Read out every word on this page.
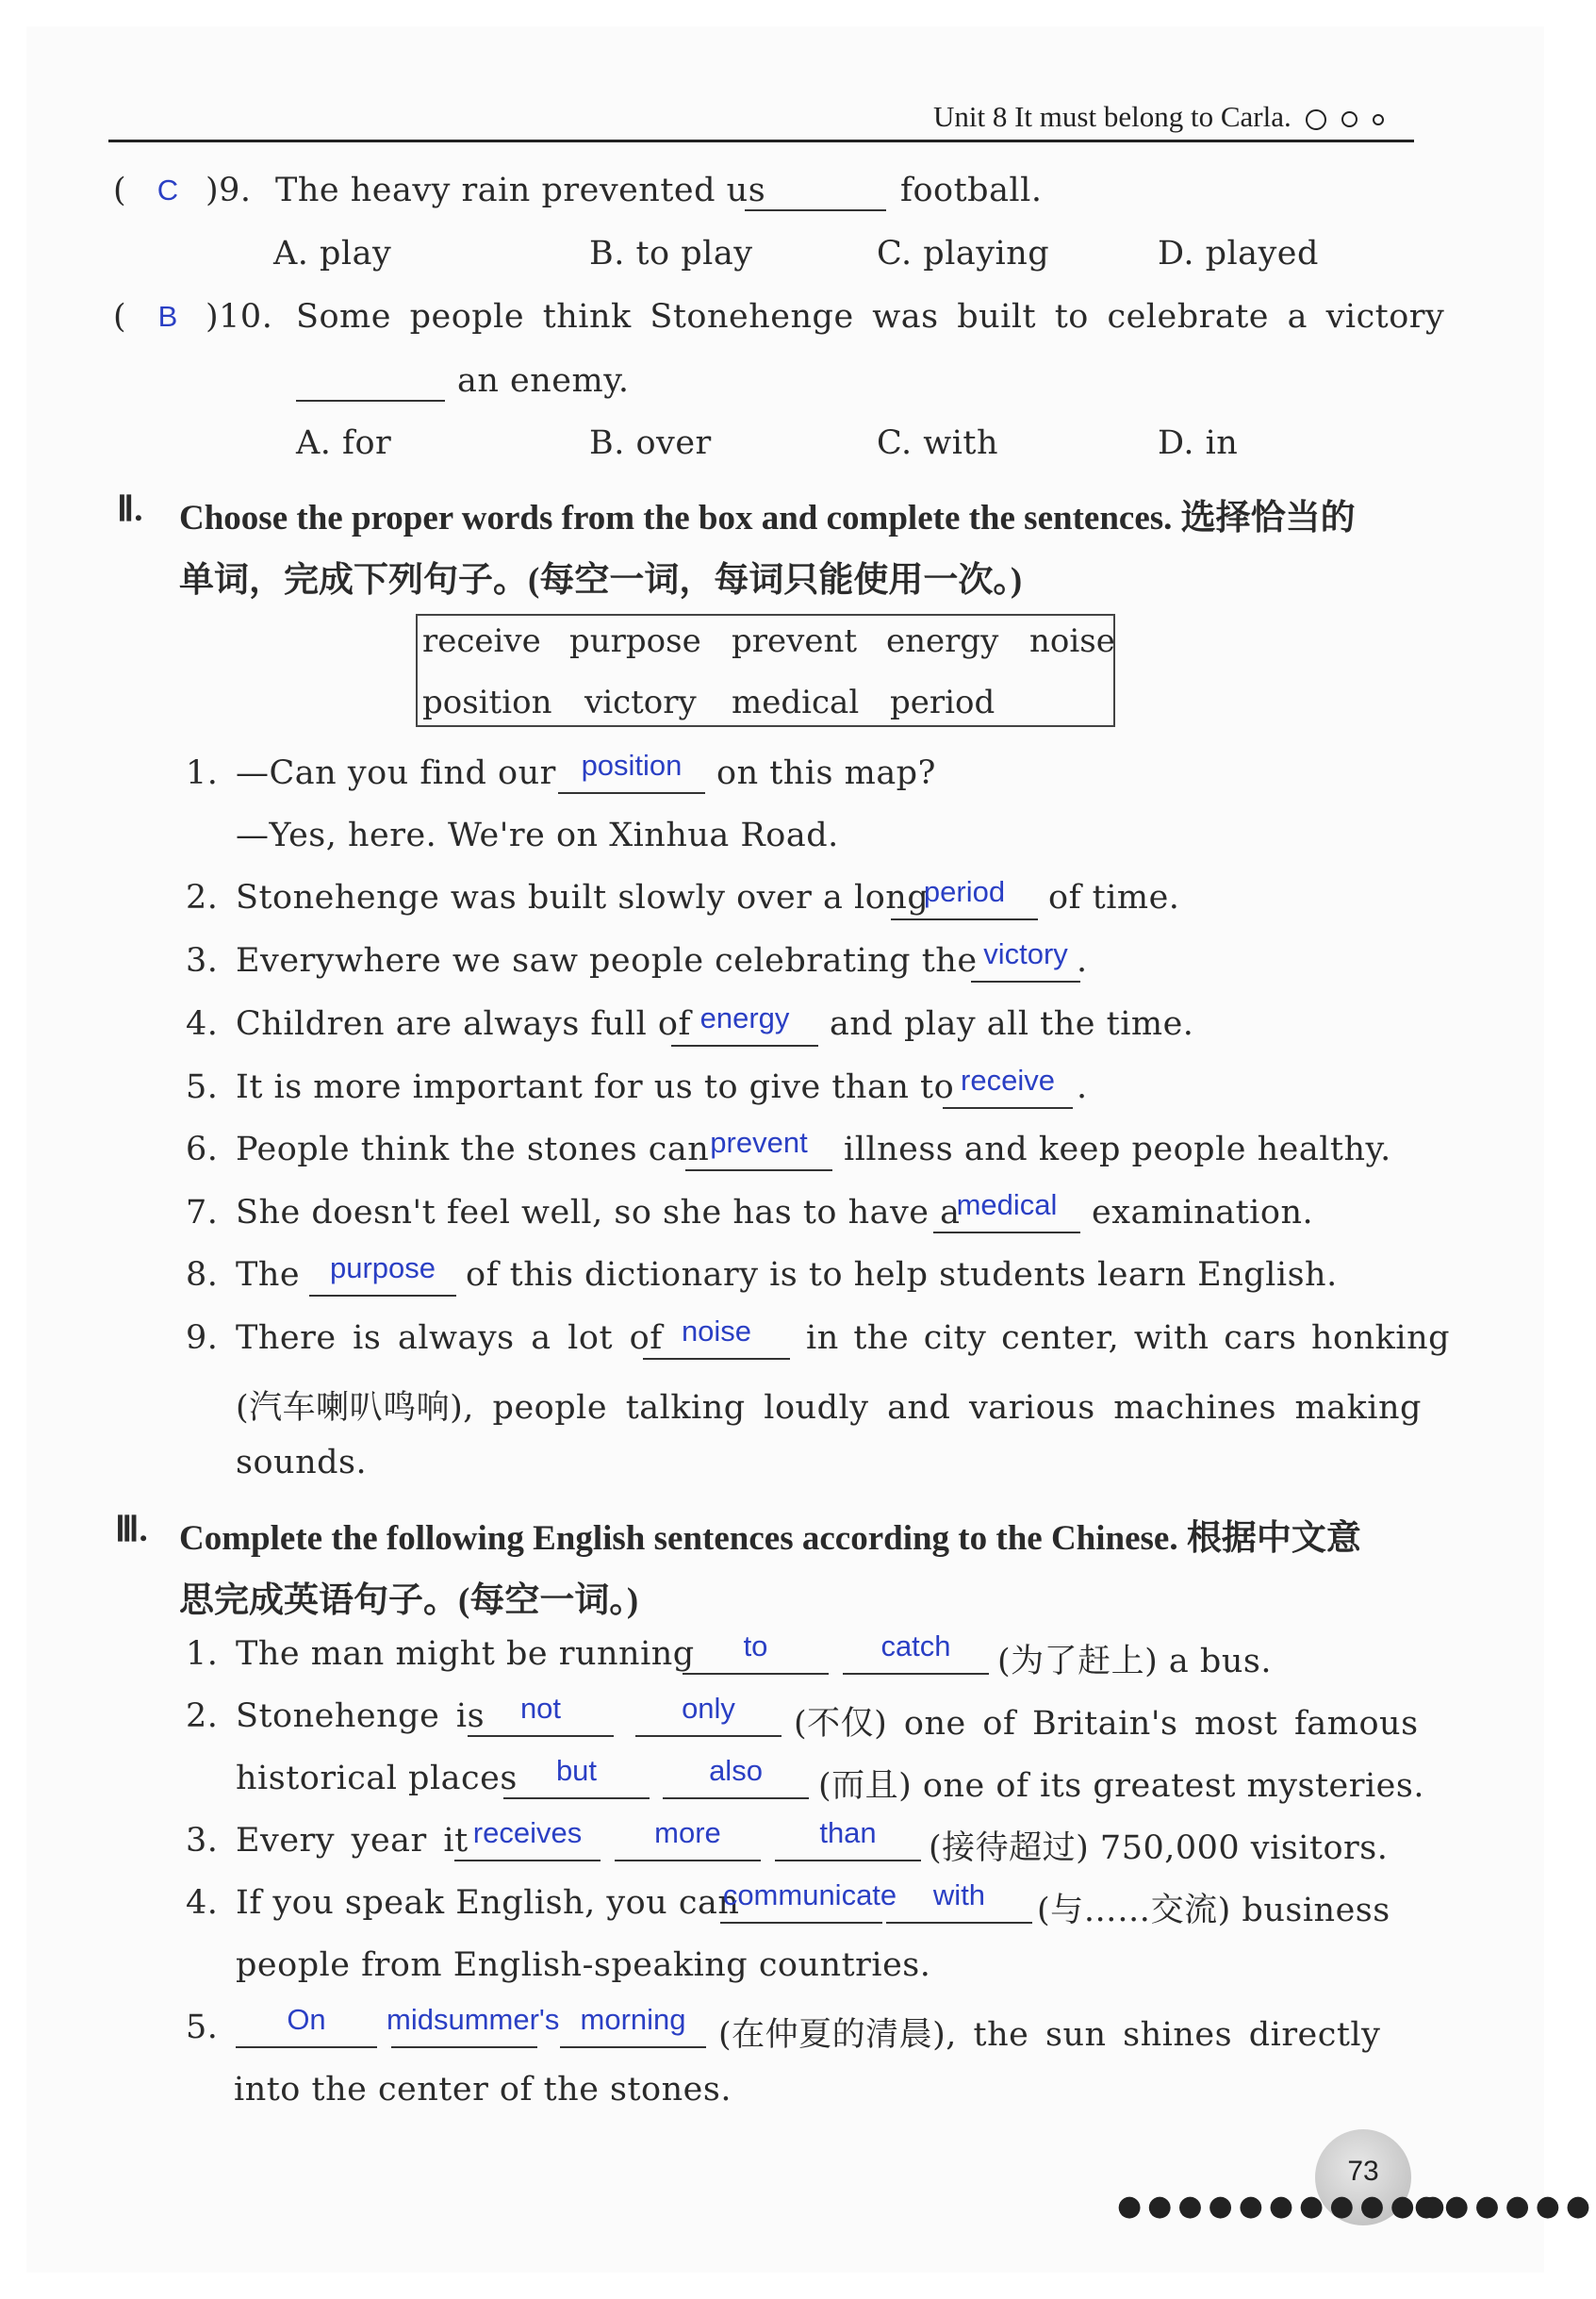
Unit 8 It must belong to Carla.
( C )9. The heavy rain prevented us	football.
A. play	B. to play	C. playing	D. played
(	B )10. Some people think Stonehenge was built to celebrate a victory
an enemy.
A. for	B. over	C. with	D. in
Ⅱ. Choose the proper words from the box and complete the sentences. 选择恰当的
单词，完成下列句子。(每空一词，每词只能使用一次。)
receive purpose prevent energy noise
position victory medical period
1. —Can you find our position	on this map?
—Yes, here. We're on Xinhua Road.
2. Stonehenge was built slowly over a long
period	of time.
3. Everywhere we saw people celebrating the victory .
4. Children are always full of energy	and play all the time.
5. It is more important for us to give than to receive .
6. People think the stones can prevent	illness and keep people healthy.
7. She doesn't feel well, so she has to have a
medical	examination.
8. The	purpose of this dictionary is to help students learn English.
9. There is always a lot of noise	in the city center, with cars honking
(汽车喇叭鸣响), people talking loudly and various machines making
sounds.
Ⅲ. Complete the following English sentences according to the Chinese. 根据中文意
思完成英语句子。(每空一词。)
1. The man might be running	to	catch	(为了赶上) a bus.
2. Stonehenge is	not	only	(不仅) one of Britain's most famous
historical places	but	also	(而且) one of its greatest mysteries.
3. Every year it receives	more	than	(接待超过) 750,000 visitors.
4. If you speak English, you can
communicate	with	(与……交流) business
people from English-speaking countries.
5.	On	midsummer's morning (在仲夏的清晨), the sun shines directly
into the center of the stones.
73
●●●●●●●●●●●
●●●●●●
